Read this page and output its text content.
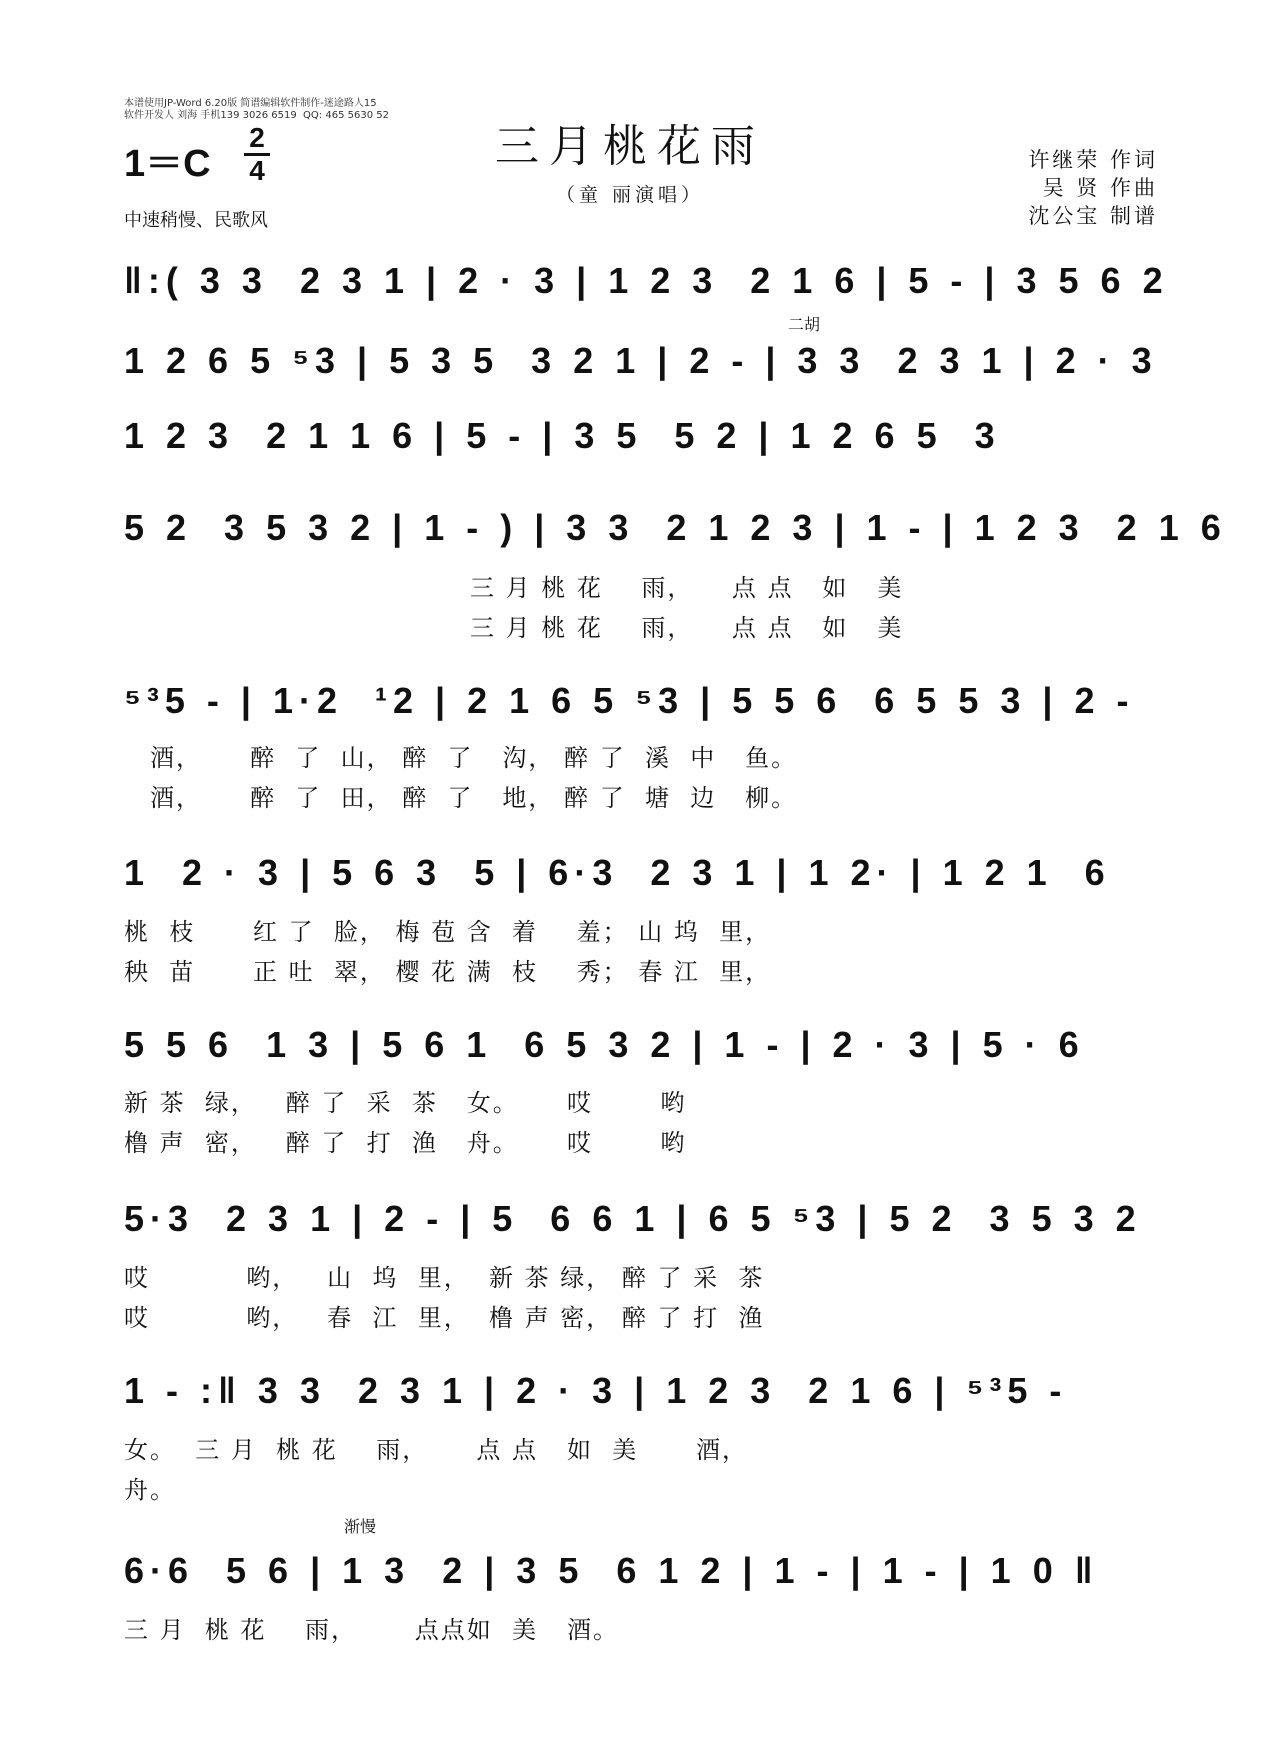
本谱使用JP-Word 6.20版 简谱编辑软件制作-迷途路人15
软件开发人 刘海 手机139 3026 6519  QQ: 465 5630 52
1＝C
2
4
中速稍慢、民歌风
三月桃花雨
（童 丽演唱）
许继荣 作词
吴 贤 作曲
沈公宝 制谱
‖:( 3 3  2 3 1 | 2 · 3 | 1 2 3  2 1 6 | 5 - | 3 5 6 2
二胡
1 2 6 5 ⁵3 | 5 3 5  3 2 1 | 2 - | 3 3  2 3 1 | 2 · 3
1 2 3  2 1 1 6 | 5 - | 3 5  5 2 | 1 2 6 5  3
5 2  3 5 3 2 | 1 - ) | 3 3  2 1 2 3 | 1 - | 1 2 3  2 1 6
三 月 桃 花    雨，    点 点   如   美
三 月 桃 花    雨，    点 点   如   美
⁵³5 - | 1·2  ¹2 | 2 1 6 5 ⁵3 | 5 5 6  6 5 5 3 | 2 -
酒，     醉  了  山， 醉  了   沟， 醉 了  溪  中   鱼。
酒，     醉  了  田， 醉  了   地， 醉 了  塘  边   柳。
1  2 · 3 | 5 6 3  5 | 6·3  2 3 1 | 1 2· | 1 2 1  6
桃  枝      红 了  脸， 梅 苞 含  着    羞； 山 坞  里，
秧  苗      正 吐  翠， 樱 花 满  枝    秀； 春 江  里，
5 5 6  1 3 | 5 6 1  6 5 3 2 | 1 - | 2 · 3 | 5 · 6
新 茶  绿，   醉 了  采  茶   女。     哎       哟
橹 声  密，   醉 了  打  渔   舟。     哎       哟
5·3  2 3 1 | 2 - | 5  6 6 1 | 6 5 ⁵3 | 5 2  3 5 3 2
哎          哟，   山  坞  里，  新 茶 绿， 醉 了 采  茶
哎          哟，   春  江  里，  橹 声 密， 醉 了 打  渔
1 - :‖ 3 3  2 3 1 | 2 · 3 | 1 2 3  2 1 6 | ⁵³5 -
女。  三 月  桃 花    雨，     点 点   如  美      酒，
舟。
渐慢
6·6  5 6 | 1 3  2 | 3 5  6 1 2 | 1 - | 1 - | 1 0 ‖
三 月  桃 花    雨，      点点如  美   酒。
